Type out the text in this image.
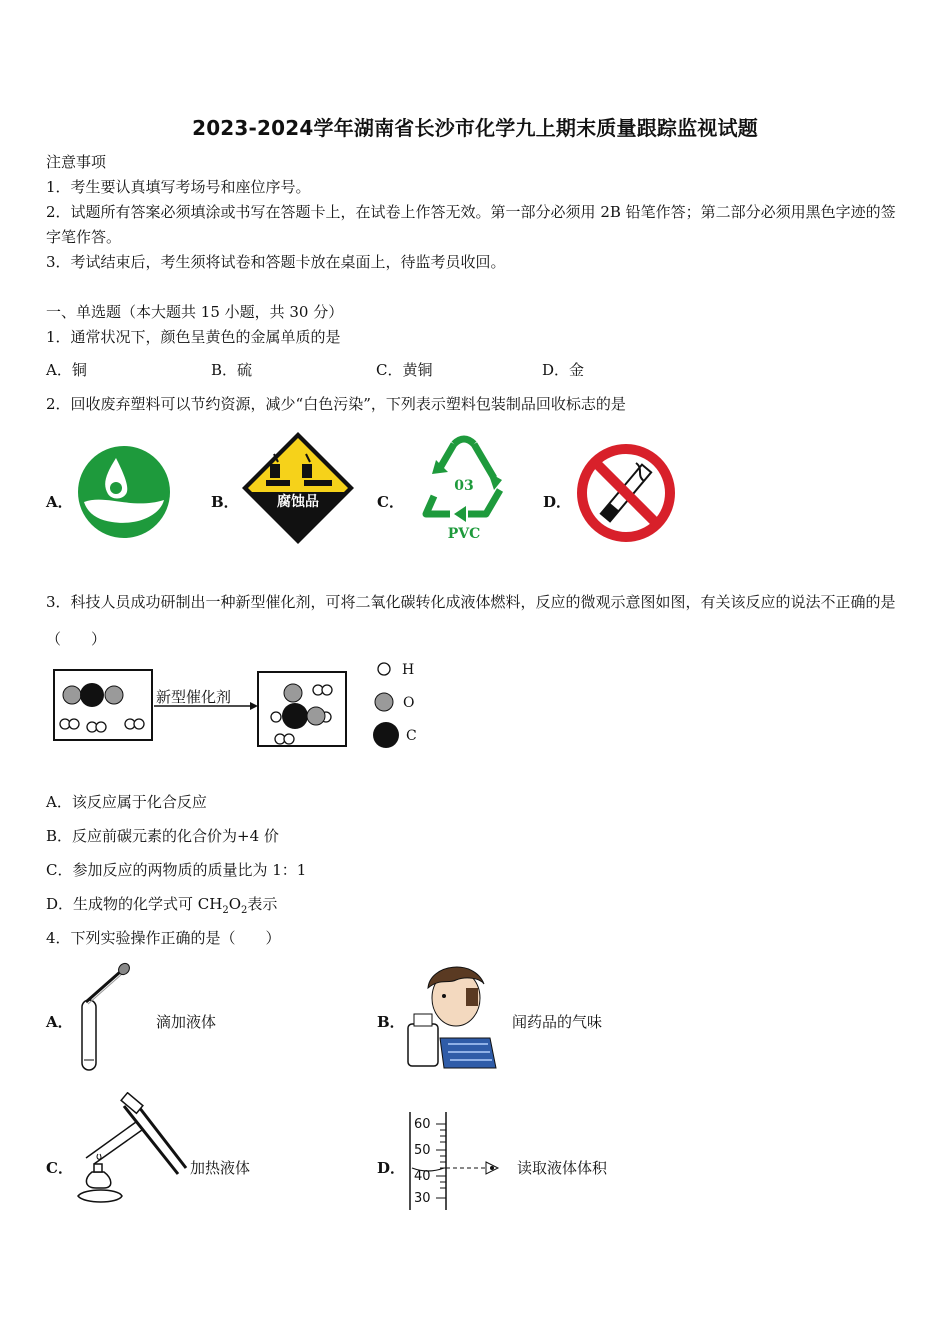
2023-2024学年湖南省长沙市化学九上期末质量跟踪监视试题
注意事项
1．考生要认真填写考场号和座位序号。
2．试题所有答案必须填涂或书写在答题卡上，在试卷上作答无效。第一部分必须用 2B 铅笔作答；第二部分必须用黑色字迹的签字笔作答。
3．考试结束后，考生须将试卷和答题卡放在桌面上，待监考员收回。
一、单选题（本大题共 15 小题，共 30 分）
1．通常状况下，颜色呈黄色的金属单质的是
A．铜	B．硫	C．黄铜	D．金
2．回收废弃塑料可以节约资源，减少“白色污染”，下列表示塑料包装制品回收标志的是
A．	B．	腐蚀品	C．
03
PVC
D．
3．科技人员成功研制出一种新型催化剂，可将二氧化碳转化成液体燃料，反应的微观示意图如图，有关该反应的说法不正确的是（　　）
新型催化剂
H
O
C
A．该反应属于化合反应
B．反应前碳元素的化合价为+4 价
C．参加反应的两物质的质量比为 1：1
D．生成物的化学式可 $CH_2O_2$表示
4．下列实验操作正确的是（　　）
A．	滴加液体	B．	闻药品的气味
C．	加热液体	D．
60
50
40
30
读取液体体积
